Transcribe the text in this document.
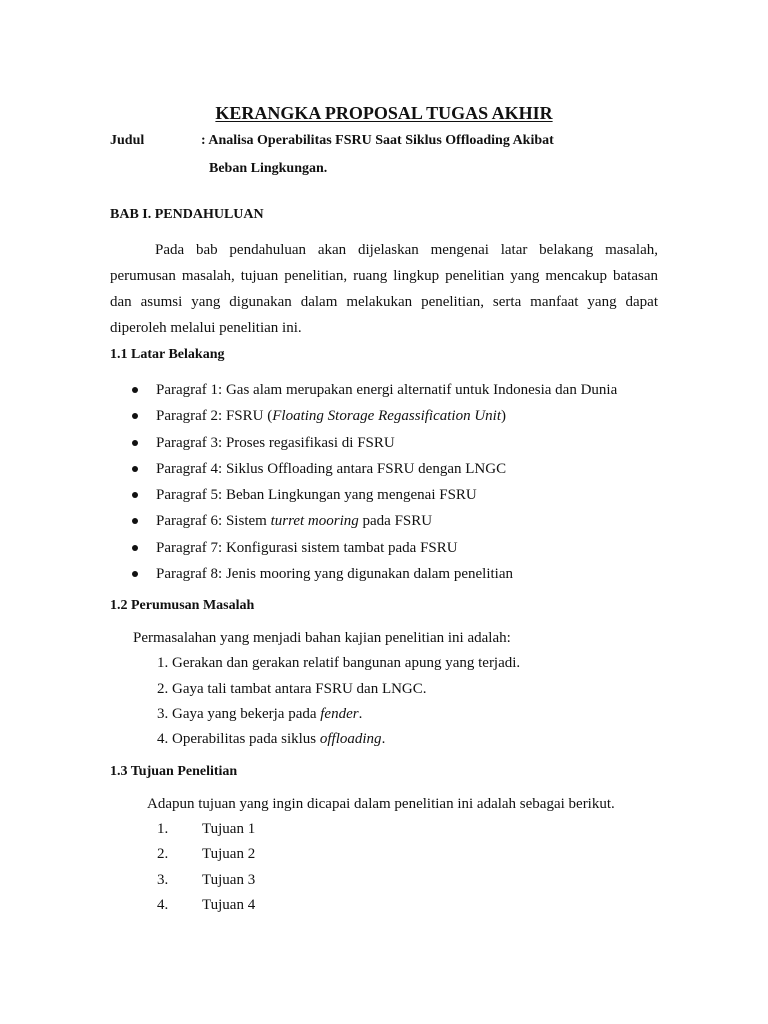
KERANGKA PROPOSAL TUGAS AKHIR
Judul	: Analisa Operabilitas FSRU Saat Siklus Offloading Akibat
Beban Lingkungan.
BAB I. PENDAHULUAN
Pada bab pendahuluan akan dijelaskan mengenai latar belakang masalah, perumusan masalah, tujuan penelitian, ruang lingkup penelitian yang mencakup batasan dan asumsi yang digunakan dalam melakukan penelitian, serta manfaat yang dapat diperoleh melalui penelitian ini.
1.1 Latar Belakang
Paragraf 1: Gas alam merupakan energi alternatif untuk Indonesia dan Dunia
Paragraf 2: FSRU (Floating Storage Regassification Unit)
Paragraf 3: Proses regasifikasi di FSRU
Paragraf 4: Siklus Offloading antara FSRU dengan LNGC
Paragraf 5: Beban Lingkungan yang mengenai FSRU
Paragraf 6: Sistem turret mooring pada FSRU
Paragraf 7: Konfigurasi sistem tambat pada FSRU
Paragraf 8: Jenis mooring yang digunakan dalam penelitian
1.2 Perumusan Masalah
Permasalahan yang menjadi bahan kajian penelitian ini adalah:
1. Gerakan dan gerakan relatif bangunan apung yang terjadi.
2. Gaya tali tambat antara FSRU dan LNGC.
3. Gaya yang bekerja pada fender.
4. Operabilitas pada siklus offloading.
1.3 Tujuan Penelitian
Adapun tujuan yang ingin dicapai dalam penelitian ini adalah sebagai berikut.
1. Tujuan 1
2. Tujuan 2
3. Tujuan 3
4. Tujuan 4
